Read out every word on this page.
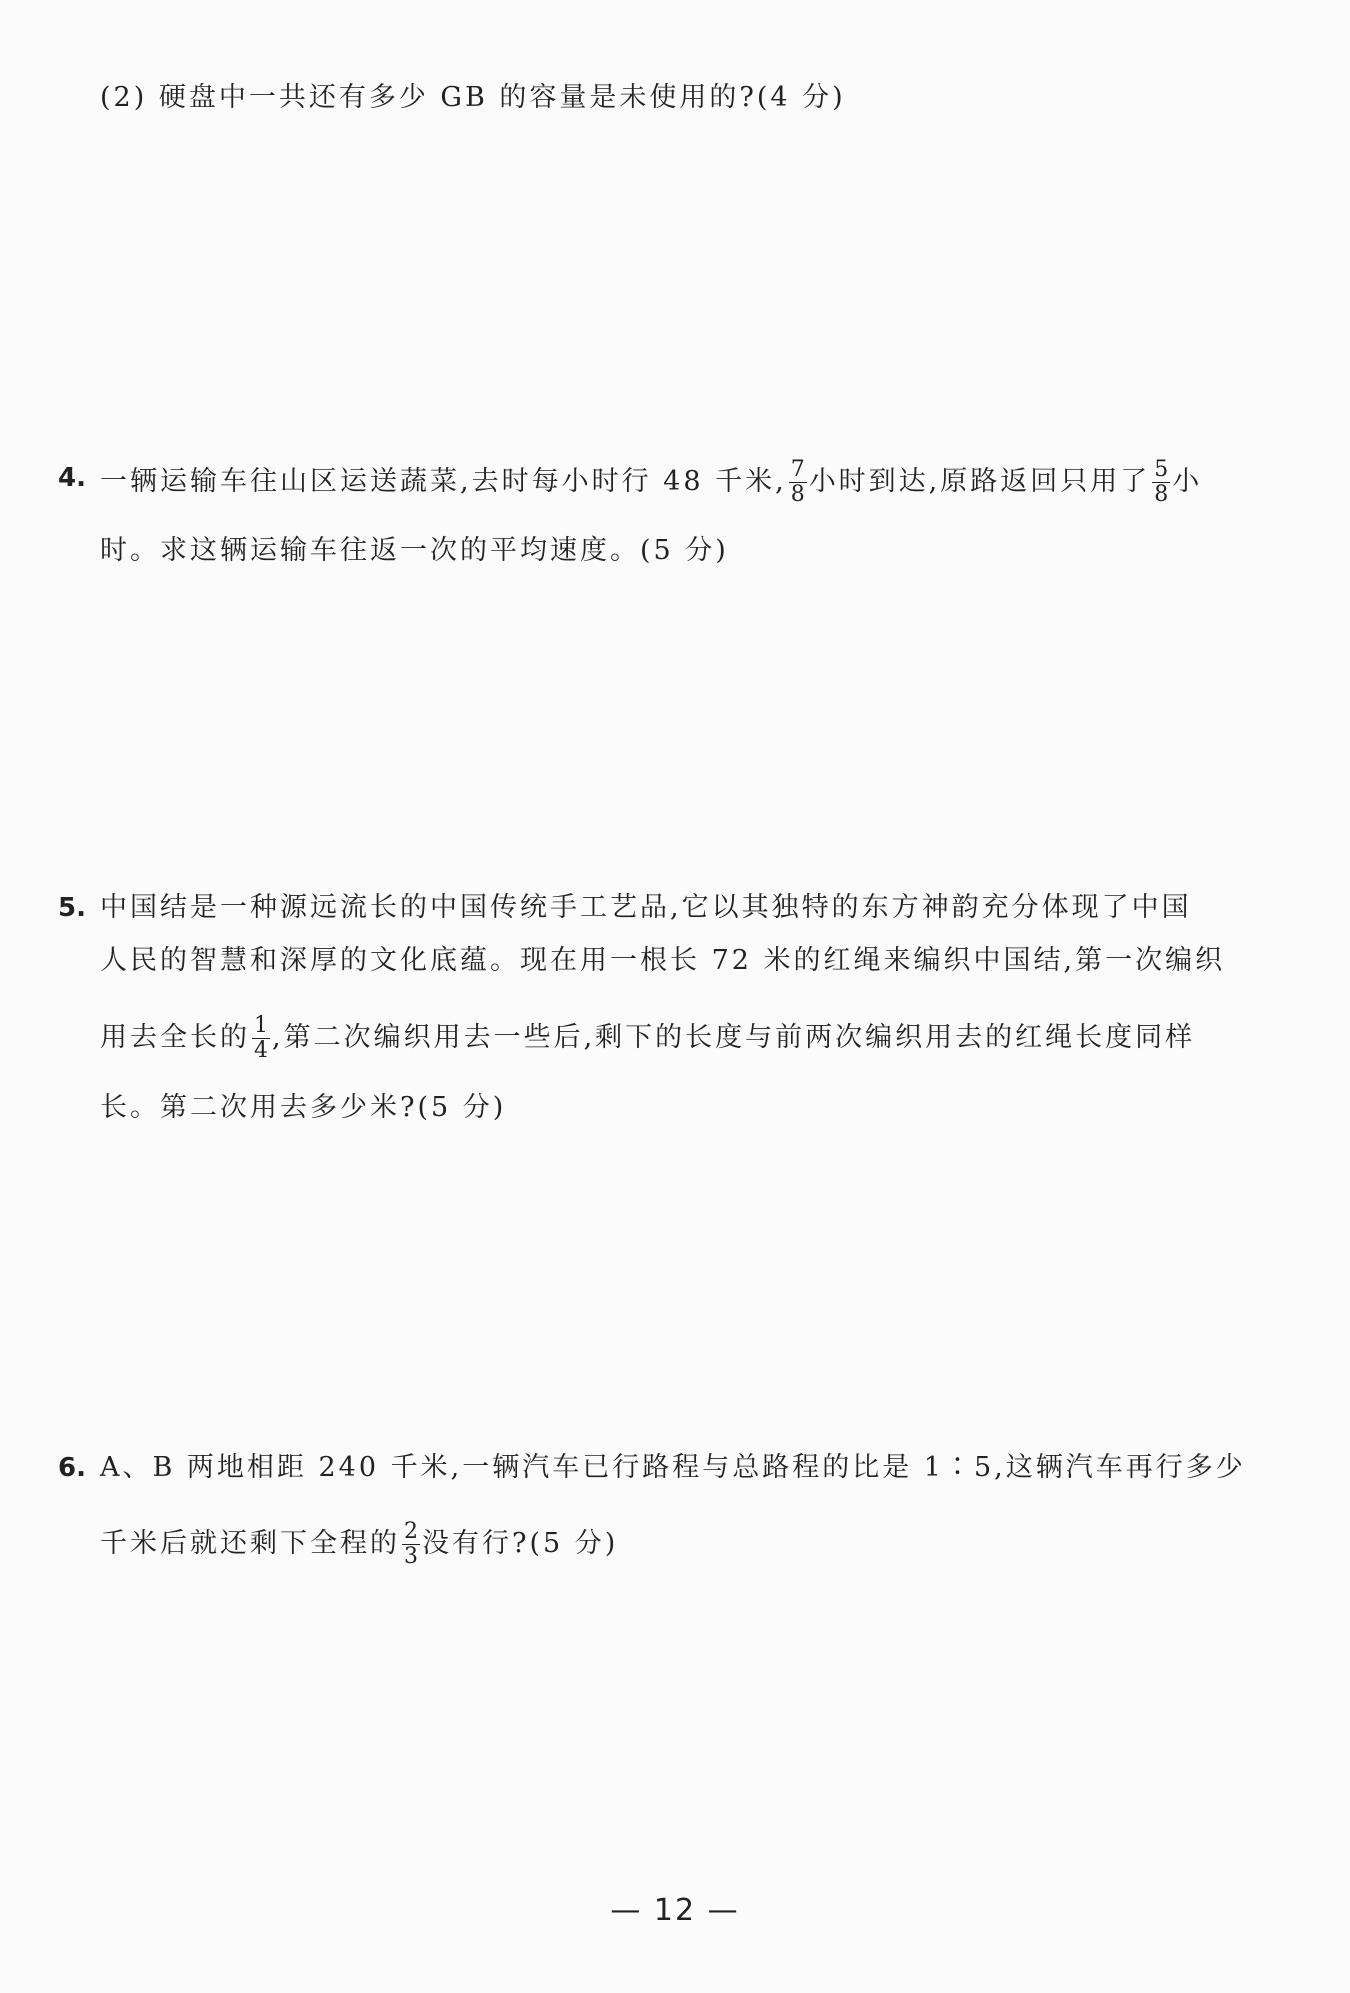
(2) 硬盘中一共还有多少 GB 的容量是未使用的?(4 分)
4. 一辆运输车往山区运送蔬菜,去时每小时行 48 千米, $\frac{7}{8}$ 小时到达,原路返回只用了 $\frac{5}{8}$ 小
时。求这辆运输车往返一次的平均速度。(5 分)
5. 中国结是一种源远流长的中国传统手工艺品,它以其独特的东方神韵充分体现了中国
人民的智慧和深厚的文化底蕴。现在用一根长 72 米的红绳来编织中国结,第一次编织
用去全长的 $\frac{1}{4}$ ,第二次编织用去一些后,剩下的长度与前两次编织用去的红绳长度同样
长。第二次用去多少米?(5 分)
6. A、B 两地相距 240 千米,一辆汽车已行路程与总路程的比是 1∶5,这辆汽车再行多少
千米后就还剩下全程的 $\frac{2}{3}$ 没有行?(5 分)
— 12 —
